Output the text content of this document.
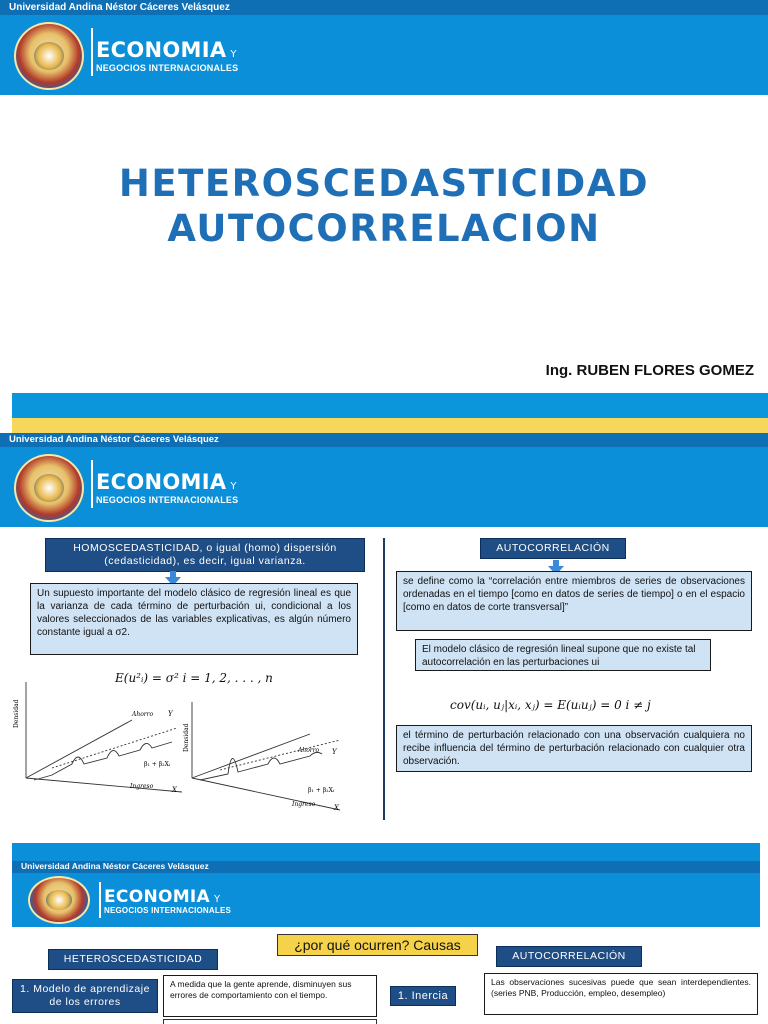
Universidad Andina Néstor Cáceres Velásquez
ECONOMIA Y
NEGOCIOS INTERNACIONALES
HETEROSCEDASTICIDAD
AUTOCORRELACION
Ing. RUBEN FLORES GOMEZ
Universidad Andina Néstor Cáceres Velásquez
ECONOMIA Y
NEGOCIOS INTERNACIONALES
HOMOSCEDASTICIDAD, o igual (homo) dispersión (cedasticidad), es decir, igual varianza.
Un supuesto importante del modelo clásico de regresión lineal es que la varianza de cada término de perturbación ui, condicional a los valores seleccionados de las variables explicativas, es algún número constante igual a σ2.
E(u²ᵢ) = σ² i = 1, 2, . . . , n
Densidad	Ahorro Y
β₁ + β₂Xᵢ
Ingreso	X
Densidad	Ahorro Y
β₁ + β₂Xᵢ
Ingreso	X
AUTOCORRELACIÓN
se define como la “correlación entre miembros de series de observaciones ordenadas en el tiempo [como en datos de series de tiempo] o en el espacio [como en datos de corte transversal]”
El modelo clásico de regresión lineal supone que no existe tal autocorrelación en las perturbaciones ui
cov(uᵢ, uⱼ|xᵢ, xⱼ) = E(uᵢuⱼ) = 0 i ≠ j
el término de perturbación relacionado con una observación cualquiera no recibe influencia del término de perturbación relacionado con cualquier otra observación.
Universidad Andina Néstor Cáceres Velásquez
ECONOMIA Y
NEGOCIOS INTERNACIONALES
¿por qué ocurren? Causas
HETEROSCEDASTICIDAD	AUTOCORRELACIÓN
1. Modelo de aprendizaje de los errores
A medida que la gente aprende, disminuyen sus errores de comportamiento con el tiempo.	1. Inercia
Las observaciones sucesivas puede que sean interdependientes. (series PNB, Producción, empleo, desempleo)
